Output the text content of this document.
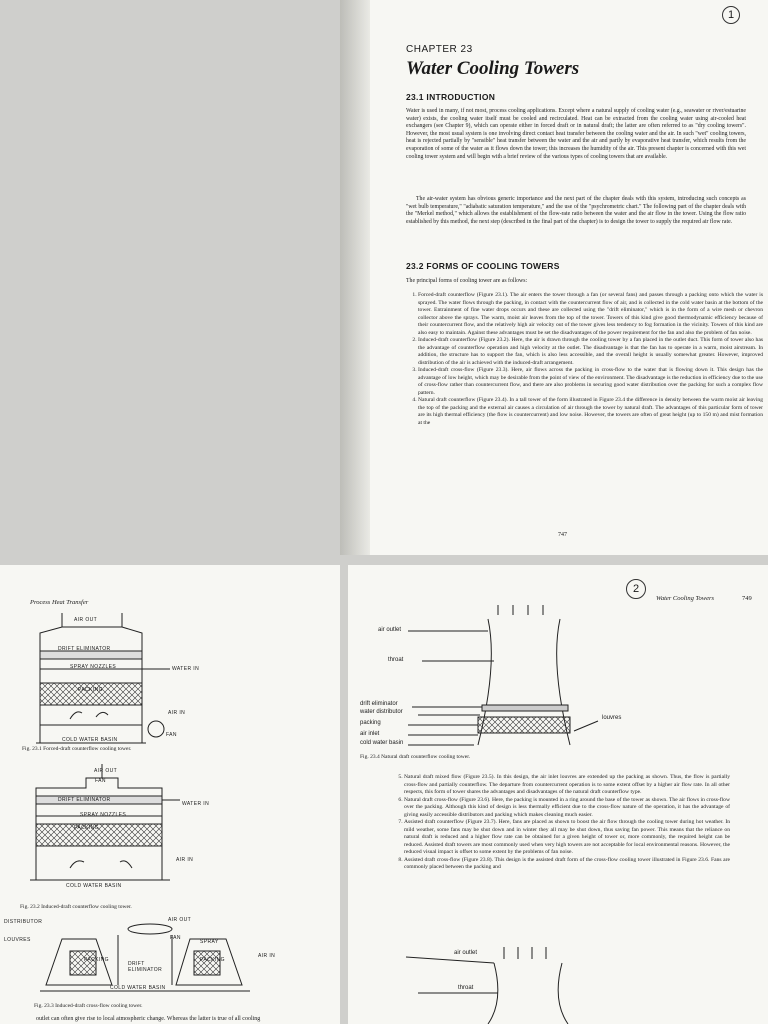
1
CHAPTER 23
Water Cooling Towers
23.1 INTRODUCTION

Water is used in many, if not most, process cooling applications. Except where a natural supply of cooling water (e.g., seawater or river/estuarine water) exists, the cooling water itself must be cooled and recirculated. Heat can be extracted from the cooling water using air-cooled heat exchangers (see Chapter 9), which can operate either in forced draft or in natural draft; the latter are often referred to as "dry cooling towers". However, the most usual system is one involving direct contact heat transfer between the cooling water and the air. In such "wet" cooling towers, heat is rejected partially by "sensible" heat transfer between the water and the air and partly by evaporative heat transfer, which results from the evaporation of some of the water as it flows down the tower; this increases the humidity of the air. This present chapter is concerned with this wet cooling tower system and will begin with a brief review of the various types of cooling towers that are available.

The air-water system has obvious generic importance and the next part of the chapter deals with this system, introducing such concepts as "wet bulb temperature," "adiabatic saturation temperature," and the use of the "psychrometric chart." The following part of the chapter deals with the "Merkel method," which allows the establishment of the flow-rate ratio between the water and the air flow in the tower. Using the flow ratio established by this method, the next step (described in the final part of the chapter) is to design the tower to supply the required air flow rate.

23.2 FORMS OF COOLING TOWERS

The principal forms of cooling tower are as follows:

1. Forced-draft counterflow (Figure 23.1). The air enters the tower through a fan (or several fans) and passes through a packing onto which the water is sprayed. The water flows through the packing, in contact with the countercurrent flow of air, and is collected in the cold water basin at the bottom of the tower. Entrainment of fine water drops occurs and these are collected using the "drift eliminator," which is in the form of a wire mesh or chevron collector above the sprays. The warm, moist air leaves from the top of the tower. Towers of this kind give good thermodynamic efficiency because of their countercurrent flow, and the relatively high air velocity out of the tower gives less tendency to fog formation in the vicinity. Towers of this kind are also easy to maintain. Against these advantages must be set the disadvantages of the power requirement for the fan and also the problem of fan noise.
2. Induced-draft counterflow (Figure 23.2). Here, the air is drawn through the cooling tower by a fan placed in the outlet duct. This form of tower also has the advantage of counterflow operation and high velocity at the outlet. The disadvantage is that the fan has to operate in a warm, moist airstream. In addition, the structure has to support the fan, which is also less accessible, and the overall height is usually somewhat greater. However, improved distribution of the air is achieved with the induced-draft arrangement.
3. Induced-draft cross-flow (Figure 23.3). Here, air flows across the packing in cross-flow to the water that is flowing down it. This design has the advantage of low height, which may be desirable from the point of view of the environment. The disadvantage is the reduction in efficiency due to the use of cross-flow rather than countercurrent flow, and there are also problems in securing good water distribution over the packing for such a complex flow pattern.
4. Natural draft counterflow (Figure 23.4). In a tall tower of the form illustrated in Figure 23.4 the difference in density between the warm moist air leaving the top of the packing and the external air causes a circulation of air through the tower by natural draft. The advantages of this particular form of tower are its high thermal efficiency (the flow is countercurrent) and low noise. However, the towers are often of great height (up to 150 m) and mist formation at the
747
Process Heat Transfer
AIR OUT
DRIFT ELIMINATOR
WATER IN
SPRAY NOZZLES
PACKING
AIR IN
FAN
COLD WATER BASIN
Fig. 23.1 Forced-draft counterflow cooling tower.
AIR OUT
FAN
DRIFT ELIMINATOR
WATER IN
SPRAY NOZZLES
PACKING
AIR IN
COLD WATER BASIN
Fig. 23.2 Induced-draft counterflow cooling tower.
DISTRIBUTOR	AIR OUT
LOUVRES	FAN
SPRAY
PACKING
DRIFT ELIMINATOR
PACKING
AIR IN
COLD WATER BASIN
Fig. 23.3 Induced-draft cross-flow cooling tower.
outlet can often give rise to local atmospheric change. Whereas the latter is true of all cooling
2
Water Cooling Towers	749
air outlet
throat
drift eliminator
water distributor
packing
air inlet
cold water basin
louvres
Fig. 23.4 Natural draft counterflow cooling tower.
5. Natural draft mixed flow (Figure 23.5). In this design, the air inlet louvres are extended up the packing as shown. Thus, the flow is partially cross-flow and partially counterflow. The departure from countercurrent operation is to some extent offset by a higher air flow rate. In all other respects, this form of tower shares the advantages and disadvantages of the natural draft counterflow type.
6. Natural draft cross-flow (Figure 23.6). Here, the packing is mounted in a ring around the base of the tower as shown. The air flows in cross-flow over the packing. Although this kind of design is less thermally efficient due to the cross-flow nature of the operation, it has the advantage of giving easily accessible distributors and packing which makes cleaning much easier.
7. Assisted draft counterflow (Figure 23.7). Here, fans are placed as shown to boost the air flow through the cooling tower during hot weather. In mild weather, some fans may be shut down and in winter they all may be shut down, thus saving fan power. This means that the reliance on natural draft is reduced and a higher flow rate can be obtained for a given height of tower or, more commonly, the required height can be reduced. Assisted draft towers are most commonly used when very high towers are not acceptable for local environmental reasons. However, the reduced visual impact is offset to some extent by the problems of fan noise.
8. Assisted draft cross-flow (Figure 23.8). This design is the assisted draft form of the cross-flow cooling tower illustrated in Figure 23.6. Fans are commonly placed between the packing and
air outlet
throat
